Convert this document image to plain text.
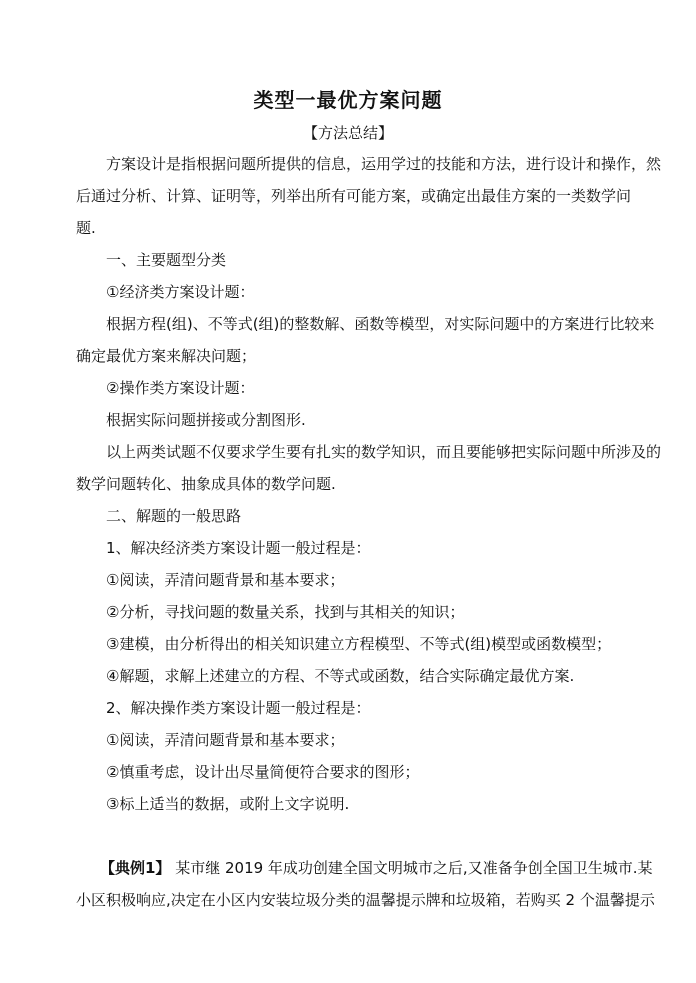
类型一最优方案问题
【方法总结】
方案设计是指根据问题所提供的信息，运用学过的技能和方法，进行设计和操作，然
后通过分析、计算、证明等，列举出所有可能方案，或确定出最佳方案的一类数学问
题.
一、主要题型分类
①经济类方案设计题：
根据方程(组)、不等式(组)的整数解、函数等模型，对实际问题中的方案进行比较来
确定最优方案来解决问题；
②操作类方案设计题：
根据实际问题拼接或分割图形.
以上两类试题不仅要求学生要有扎实的数学知识，而且要能够把实际问题中所涉及的
数学问题转化、抽象成具体的数学问题.
二、解题的一般思路
1、解决经济类方案设计题一般过程是：
①阅读，弄清问题背景和基本要求；
②分析，寻找问题的数量关系，找到与其相关的知识；
③建模，由分析得出的相关知识建立方程模型、不等式(组)模型或函数模型；
④解题，求解上述建立的方程、不等式或函数，结合实际确定最优方案.
2、解决操作类方案设计题一般过程是：
①阅读，弄清问题背景和基本要求；
②慎重考虑，设计出尽量简便符合要求的图形；
③标上适当的数据，或附上文字说明.
【典例1】 某市继 2019 年成功创建全国文明城市之后,又准备争创全国卫生城市.某
小区积极响应,决定在小区内安装垃圾分类的温馨提示牌和垃圾箱，若购买 2 个温馨提示
